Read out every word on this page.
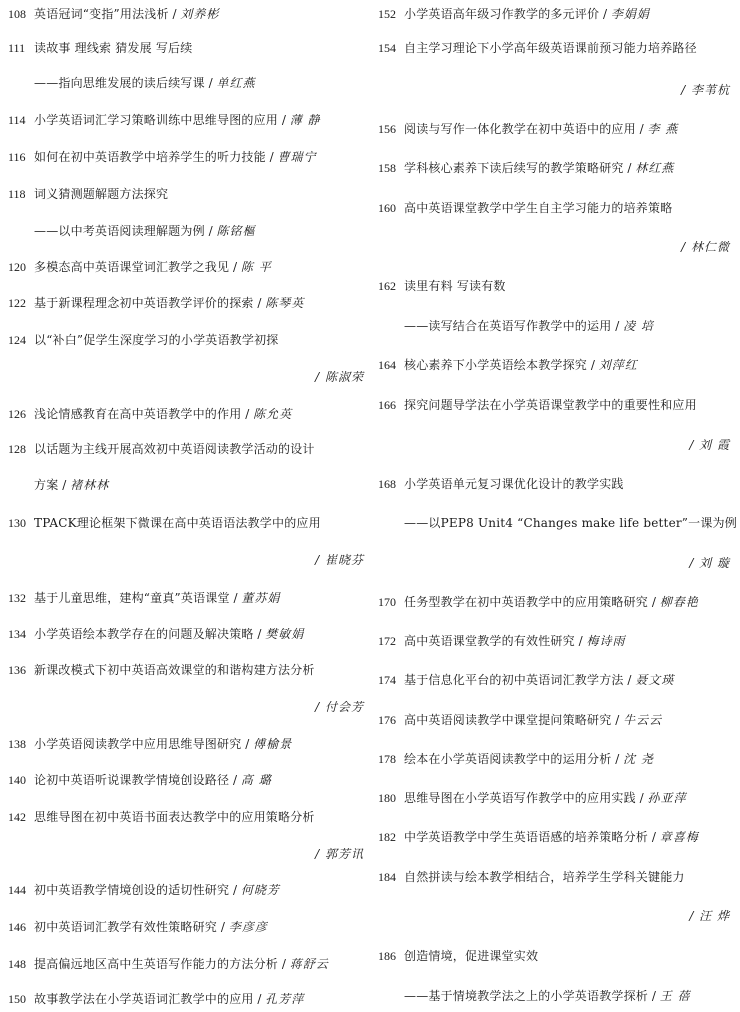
108 英语冠词“变指”用法浅析 / 刘养彬
111 读故事 理线索 猜发展 写后续
——指向思维发展的读后续写课 / 单红燕
114 小学英语词汇学习策略训练中思维导图的应用 / 薄 静
116 如何在初中英语教学中培养学生的听力技能 / 曹瑞宁
118 词义猜测题解题方法探究
——以中考英语阅读理解题为例 / 陈铭樞
120 多模态高中英语课堂词汇教学之我见 / 陈 平
122 基于新课程理念初中英语教学评价的探索 / 陈琴英
124 以“补白”促学生深度学习的小学英语教学初探
/ 陈淑荣
126 浅论情感教育在高中英语教学中的作用 / 陈允英
128 以话题为主线开展高效初中英语阅读教学活动的设计
方案 / 褚林林
130 TPACK理论框架下微课在高中英语语法教学中的应用
/ 崔晓芬
132 基于儿童思维，建构“童真”英语课堂 / 董苏娟
134 小学英语绘本教学存在的问题及解决策略 / 樊敏娟
136 新课改模式下初中英语高效课堂的和谐构建方法分析
/ 付会芳
138 小学英语阅读教学中应用思维导图研究 / 傅榆景
140 论初中英语听说课教学情境创设路径 / 高 璐
142 思维导图在初中英语书面表达教学中的应用策略分析
/ 郭芳讯
144 初中英语教学情境创设的适切性研究 / 何晓芳
146 初中英语词汇教学有效性策略研究 / 李彦彦
148 提高偏远地区高中生英语写作能力的方法分析 / 蒋舒云
150 故事教学法在小学英语词汇教学中的应用 / 孔芳萍
152 小学英语高年级习作教学的多元评价 / 李娟娟
154 自主学习理论下小学高年级英语课前预习能力培养路径
/ 李苇杭
156 阅读与写作一体化教学在初中英语中的应用 / 李 燕
158 学科核心素养下读后续写的教学策略研究 / 林红燕
160 高中英语课堂教学中学生自主学习能力的培养策略
/ 林仁微
162 读里有料 写读有数
——读写结合在英语写作教学中的运用 / 凌 培
164 核心素养下小学英语绘本教学探究 / 刘萍红
166 探究问题导学法在小学英语课堂教学中的重要性和应用
/ 刘 霞
168 小学英语单元复习课优化设计的教学实践
——以PEP8 Unit4 “Changes make life better”一课为例
/ 刘 璇
170 任务型教学在初中英语教学中的应用策略研究 / 柳春艳
172 高中英语课堂教学的有效性研究 / 梅诗雨
174 基于信息化平台的初中英语词汇教学方法 / 聂文瑛
176 高中英语阅读教学中课堂提问策略研究 / 牛云云
178 绘本在小学英语阅读教学中的运用分析 / 沈 尧
180 思维导图在小学英语写作教学中的应用实践 / 孙亚萍
182 中学英语教学中学生英语语感的培养策略分析 / 章喜梅
184 自然拼读与绘本教学相结合，培养学生学科关键能力
/ 汪 烨
186 创造情境，促进课堂实效
——基于情境教学法之上的小学英语教学探析 / 王 蓓
